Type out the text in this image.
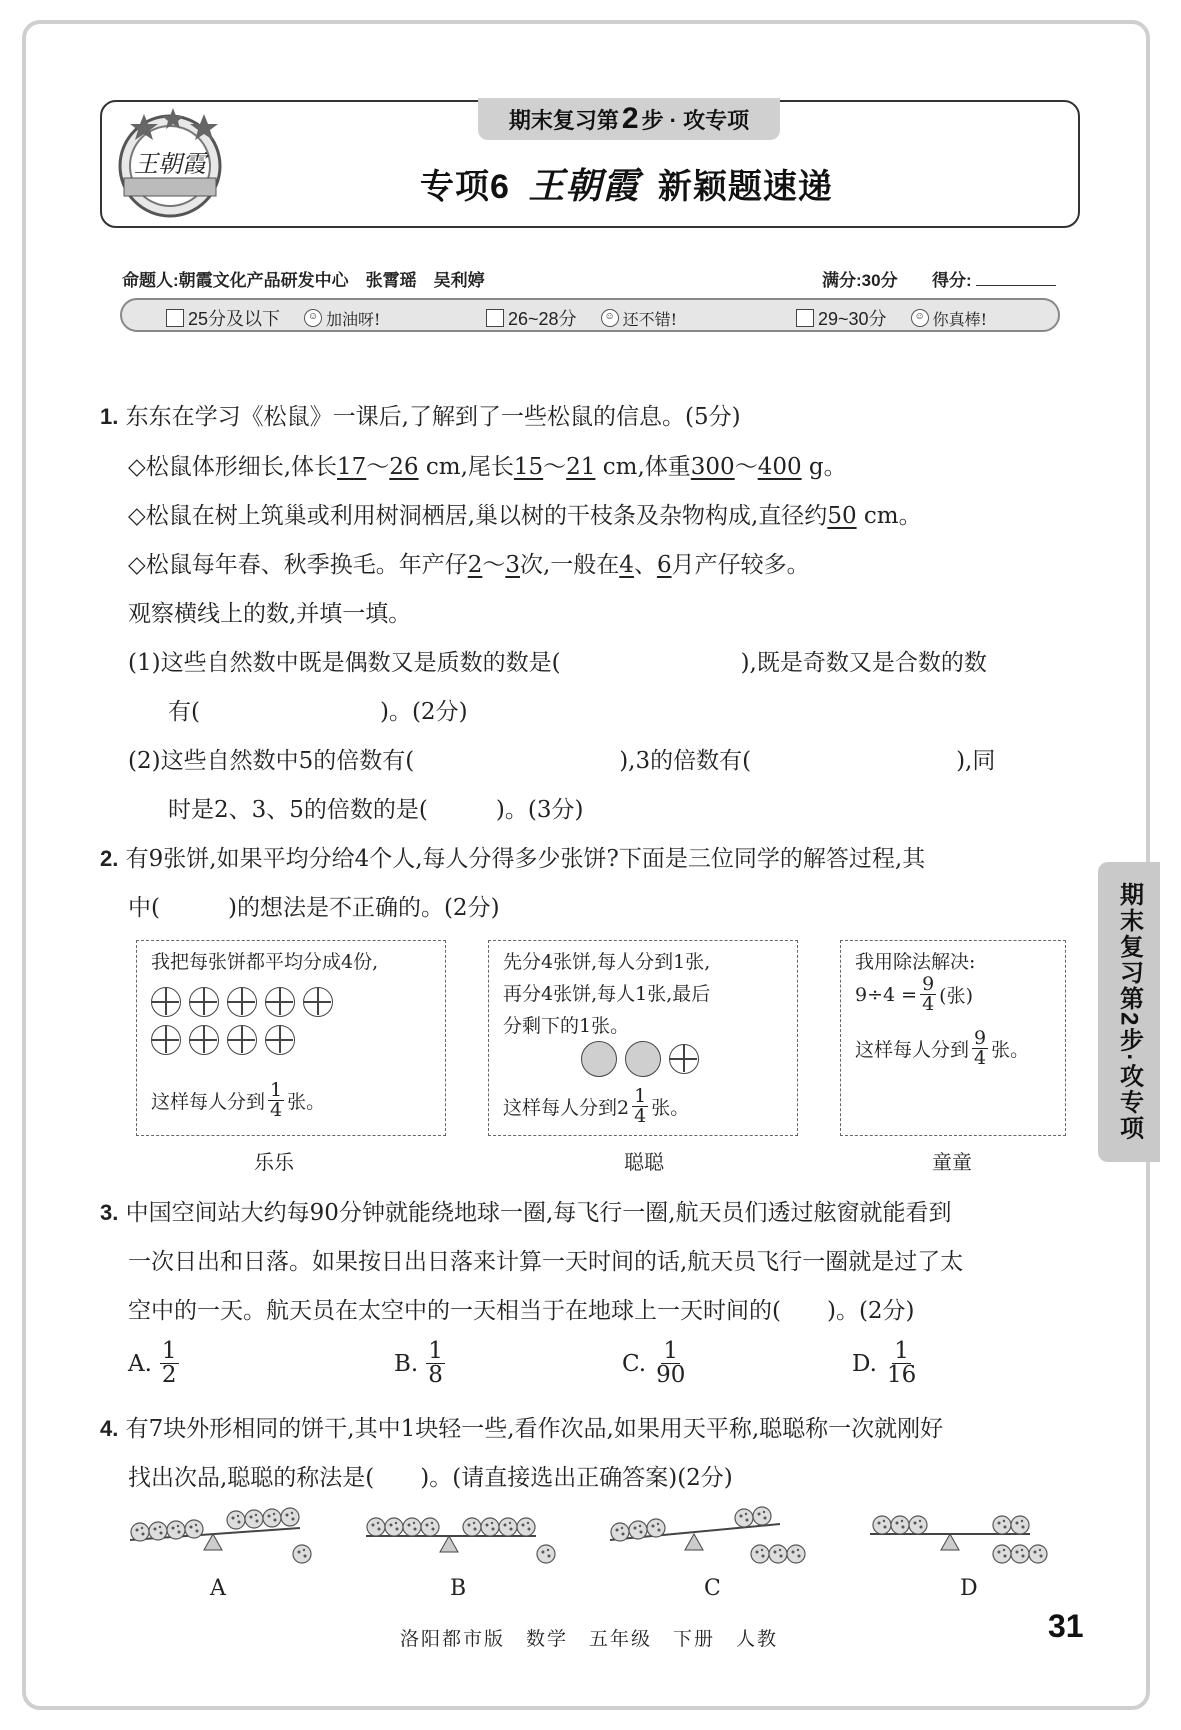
王朝霞
期末复习第 2 步 · 攻专项
专项6 王朝霞 新颖题速递
命题人:朝霞文化产品研发中心　张霄瑶　吴利婷	满分:30分 得分:
25分及以下	☺ 加油呀!	26~28分	☺ 还不错!	29~30分	☺ 你真棒!
期末复习第2步·攻专项
1. 东东在学习《松鼠》一课后,了解到了一些松鼠的信息。(5分)
◇松鼠体形细长,体长17～26 cm,尾长15～21 cm,体重300～400 g。
◇松鼠在树上筑巢或利用树洞栖居,巢以树的干枝条及杂物构成,直径约50 cm。
◇松鼠每年春、秋季换毛。年产仔2～3次,一般在4、6月产仔较多。
观察横线上的数,并填一填。
(1)这些自然数中既是偶数又是质数的数是(	),既是奇数又是合数的数
有(	)。(2分)
(2)这些自然数中5的倍数有(	),3的倍数有(	),同
时是2、3、5的倍数的是(	)。(3分)
2. 有9张饼,如果平均分给4个人,每人分得多少张饼?下面是三位同学的解答过程,其
中(	)的想法是不正确的。(2分)
我把每张饼都平均分成4份,
这样每人分到 $\frac{1}{4}$ 张。
乐乐
先分4张饼,每人分到1张,
再分4张饼,每人1张,最后
分剩下的1张。
这样每人分到$2 \frac{1}{4}$ 张。
聪聪
我用除法解决:
$9\div 4 = \frac{9}{4}$ (张)
这样每人分到 $\frac{9}{4}$ 张。
童童
3. 中国空间站大约每90分钟就能绕地球一圈,每飞行一圈,航天员们透过舷窗就能看到
一次日出和日落。如果按日出日落来计算一天时间的话,航天员飞行一圈就是过了太
空中的一天。航天员在太空中的一天相当于在地球上一天时间的(　　)。(2分)
A. $\frac{1}{2}$	B. $\frac{1}{8}$	C. $\frac{1}{90}$	D. $\frac{1}{16}$
4. 有7块外形相同的饼干,其中1块轻一些,看作次品,如果用天平称,聪聪称一次就刚好
找出次品,聪聪的称法是(　　)。(请直接选出正确答案)(2分)
A	B	C	D
洛阳都市版　数学　五年级　下册　人教	31
